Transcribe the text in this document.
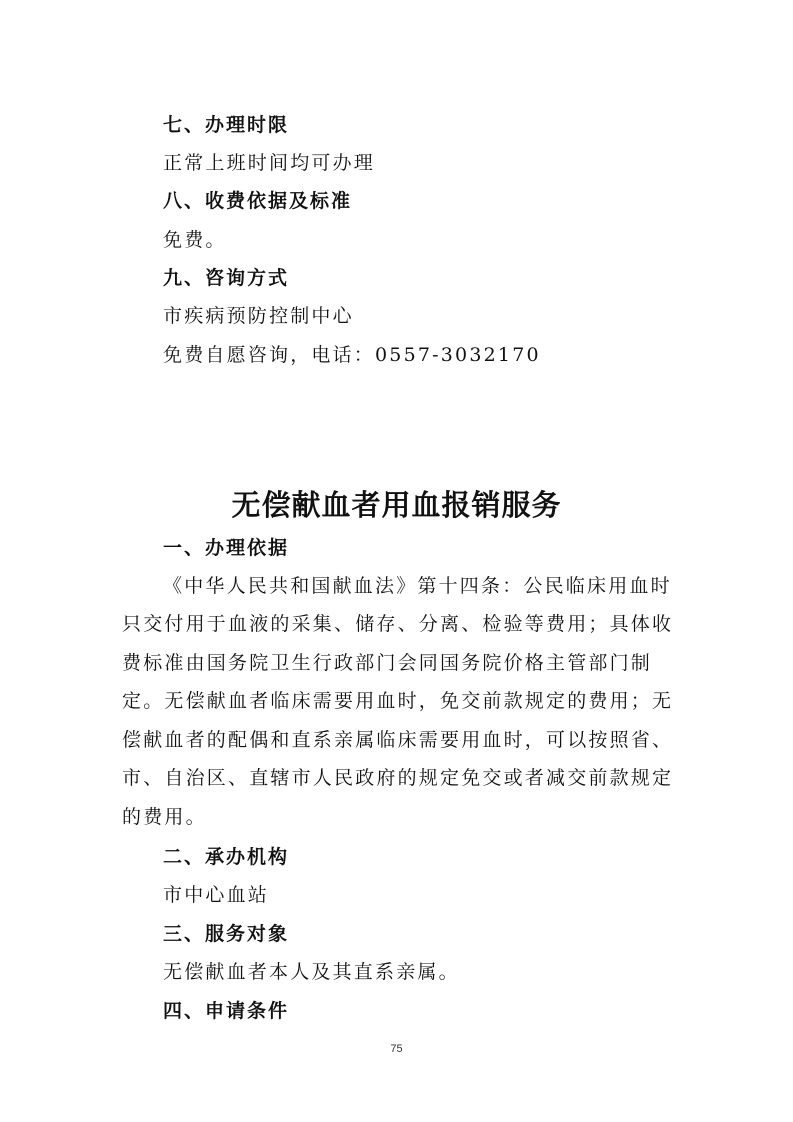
七、办理时限
正常上班时间均可办理
八、收费依据及标准
免费。
九、咨询方式
市疾病预防控制中心
免费自愿咨询，电话：0557-3032170
无偿献血者用血报销服务
一、办理依据
《中华人民共和国献血法》第十四条：公民临床用血时
只交付用于血液的采集、储存、分离、检验等费用；具体收
费标准由国务院卫生行政部门会同国务院价格主管部门制
定。无偿献血者临床需要用血时，免交前款规定的费用；无
偿献血者的配偶和直系亲属临床需要用血时，可以按照省、
市、自治区、直辖市人民政府的规定免交或者减交前款规定
的费用。
二、承办机构
市中心血站
三、服务对象
无偿献血者本人及其直系亲属。
四、申请条件
75
